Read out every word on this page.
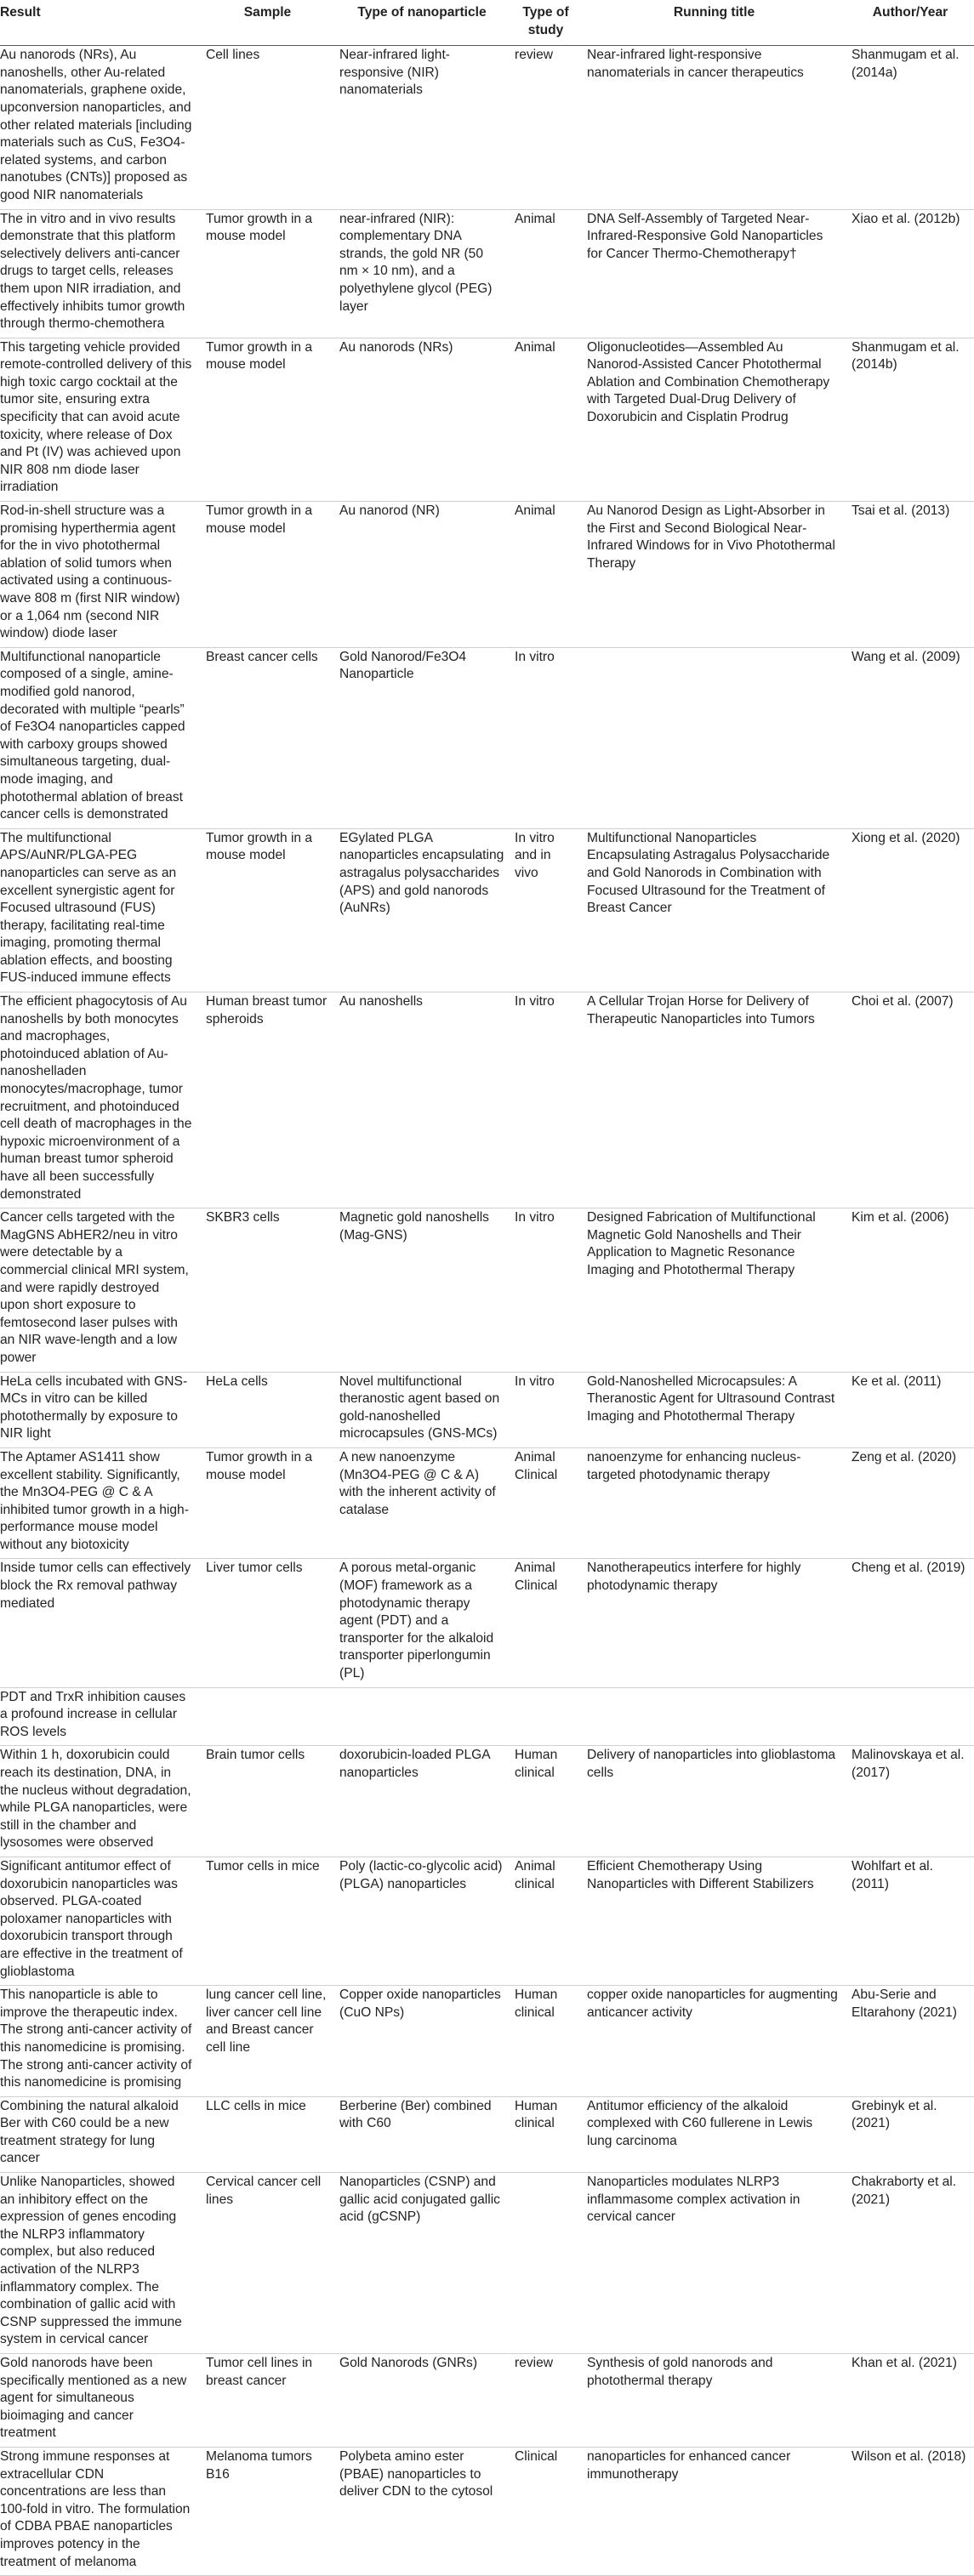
Result	Sample	Type of nanoparticle	Type of study	Running title	Author/Year
Au nanorods (NRs), Au nanoshells, other Au-related nanomaterials, graphene oxide, upconversion nanoparticles, and other related materials [including materials such as CuS, Fe3O4-related systems, and carbon nanotubes (CNTs)] proposed as good NIR nanomaterials	Cell lines	Near-infrared light-responsive (NIR) nanomaterials	review	Near-infrared light-responsive nanomaterials in cancer therapeutics	Shanmugam et al. (2014a)
The in vitro and in vivo results demonstrate that this platform selectively delivers anti-cancer drugs to target cells, releases them upon NIR irradiation, and effectively inhibits tumor growth through thermo-chemothera	Tumor growth in a mouse model	near-infrared (NIR): complementary DNA strands, the gold NR (50 nm × 10 nm), and a polyethylene glycol (PEG) layer	Animal	DNA Self-Assembly of Targeted Near-Infrared-Responsive Gold Nanoparticles for Cancer Thermo-Chemotherapy†	Xiao et al. (2012b)
This targeting vehicle provided remote-controlled delivery of this high toxic cargo cocktail at the tumor site, ensuring extra specificity that can avoid acute toxicity, where release of Dox and Pt (IV) was achieved upon NIR 808 nm diode laser irradiation	Tumor growth in a mouse model	Au nanorods (NRs)	Animal	Oligonucleotides—Assembled Au Nanorod-Assisted Cancer Photothermal Ablation and Combination Chemotherapy with Targeted Dual-Drug Delivery of Doxorubicin and Cisplatin Prodrug	Shanmugam et al. (2014b)
Rod-in-shell structure was a promising hyperthermia agent for the in vivo photothermal ablation of solid tumors when activated using a continuous-wave 808 m (first NIR window) or a 1,064 nm (second NIR window) diode laser	Tumor growth in a mouse model	Au nanorod (NR)	Animal	Au Nanorod Design as Light-Absorber in the First and Second Biological Near-Infrared Windows for in Vivo Photothermal Therapy	Tsai et al. (2013)
Multifunctional nanoparticle composed of a single, amine-modified gold nanorod, decorated with multiple “pearls” of Fe3O4 nanoparticles capped with carboxy groups showed simultaneous targeting, dual-mode imaging, and photothermal ablation of breast cancer cells is demonstrated	Breast cancer cells	Gold Nanorod/Fe3O4 Nanoparticle	In vitro		Wang et al. (2009)
The multifunctional APS/AuNR/PLGA-PEG nanoparticles can serve as an excellent synergistic agent for Focused ultrasound (FUS) therapy, facilitating real-time imaging, promoting thermal ablation effects, and boosting FUS-induced immune effects	Tumor growth in a mouse model	EGylated PLGA nanoparticles encapsulating astragalus polysaccharides (APS) and gold nanorods (AuNRs)	In vitro and in vivo	Multifunctional Nanoparticles Encapsulating Astragalus Polysaccharide and Gold Nanorods in Combination with Focused Ultrasound for the Treatment of Breast Cancer	Xiong et al. (2020)
The efficient phagocytosis of Au nanoshells by both monocytes and macrophages, photoinduced ablation of Au-nanoshelladen monocytes/macrophage, tumor recruitment, and photoinduced cell death of macrophages in the hypoxic microenvironment of a human breast tumor spheroid have all been successfully demonstrated	Human breast tumor spheroids	Au nanoshells	In vitro	A Cellular Trojan Horse for Delivery of Therapeutic Nanoparticles into Tumors	Choi et al. (2007)
Cancer cells targeted with the MagGNS AbHER2/neu in vitro were detectable by a commercial clinical MRI system, and were rapidly destroyed upon short exposure to femtosecond laser pulses with an NIR wave-length and a low power	SKBR3 cells	Magnetic gold nanoshells (Mag-GNS)	In vitro	Designed Fabrication of Multifunctional Magnetic Gold Nanoshells and Their Application to Magnetic Resonance Imaging and Photothermal Therapy	Kim et al. (2006)
HeLa cells incubated with GNS-MCs in vitro can be killed photothermally by exposure to NIR light	HeLa cells	Novel multifunctional theranostic agent based on gold-nanoshelled microcapsules (GNS-MCs)	In vitro	Gold-Nanoshelled Microcapsules: A Theranostic Agent for Ultrasound Contrast Imaging and Photothermal Therapy	Ke et al. (2011)
The Aptamer AS1411 show excellent stability. Significantly, the Mn3O4-PEG @ C & A inhibited tumor growth in a high-performance mouse model without any biotoxicity	Tumor growth in a mouse model	A new nanoenzyme (Mn3O4-PEG @ C & A) with the inherent activity of catalase	Animal Clinical	nanoenzyme for enhancing nucleus-targeted photodynamic therapy	Zeng et al. (2020)
Inside tumor cells can effectively block the Rx removal pathway mediated	Liver tumor cells	A porous metal-organic (MOF) framework as a photodynamic therapy agent (PDT) and a transporter for the alkaloid transporter piperlongumin (PL)	Animal Clinical	Nanotherapeutics interfere for highly photodynamic therapy	Cheng et al. (2019)
PDT and TrxR inhibition causes a profound increase in cellular ROS levels					
Within 1 h, doxorubicin could reach its destination, DNA, in the nucleus without degradation, while PLGA nanoparticles, were still in the chamber and lysosomes were observed	Brain tumor cells	doxorubicin-loaded PLGA nanoparticles	Human clinical	Delivery of nanoparticles into glioblastoma cells	Malinovskaya et al. (2017)
Significant antitumor effect of doxorubicin nanoparticles was observed. PLGA-coated poloxamer nanoparticles with doxorubicin transport through are effective in the treatment of glioblastoma	Tumor cells in mice	Poly (lactic-co-glycolic acid) (PLGA) nanoparticles	Animal clinical	Efficient Chemotherapy Using Nanoparticles with Different Stabilizers	Wohlfart et al. (2011)
This nanoparticle is able to improve the therapeutic index. The strong anti-cancer activity of this nanomedicine is promising. The strong anti-cancer activity of this nanomedicine is promising	lung cancer cell line, liver cancer cell line and Breast cancer cell line	Copper oxide nanoparticles (CuO NPs)	Human clinical	copper oxide nanoparticles for augmenting anticancer activity	Abu-Serie and Eltarahony (2021)
Combining the natural alkaloid Ber with C60 could be a new treatment strategy for lung cancer	LLC cells in mice	Berberine (Ber) combined with C60	Human clinical	Antitumor efficiency of the alkaloid complexed with C60 fullerene in Lewis lung carcinoma	Grebinyk et al. (2021)
Unlike Nanoparticles, showed an inhibitory effect on the expression of genes encoding the NLRP3 inflammatory complex, but also reduced activation of the NLRP3 inflammatory complex. The combination of gallic acid with CSNP suppressed the immune system in cervical cancer	Cervical cancer cell lines	Nanoparticles (CSNP) and gallic acid conjugated gallic acid (gCSNP)		Nanoparticles modulates NLRP3 inflammasome complex activation in cervical cancer	Chakraborty et al. (2021)
Gold nanorods have been specifically mentioned as a new agent for simultaneous bioimaging and cancer treatment	Tumor cell lines in breast cancer	Gold Nanorods (GNRs)	review	Synthesis of gold nanorods and photothermal therapy	Khan et al. (2021)
Strong immune responses at extracellular CDN concentrations are less than 100-fold in vitro. The formulation of CDBA PBAE nanoparticles improves potency in the treatment of melanoma	Melanoma tumors B16	Polybeta amino ester (PBAE) nanoparticles to deliver CDN to the cytosol	Clinical	nanoparticles for enhanced cancer immunotherapy	Wilson et al. (2018)
